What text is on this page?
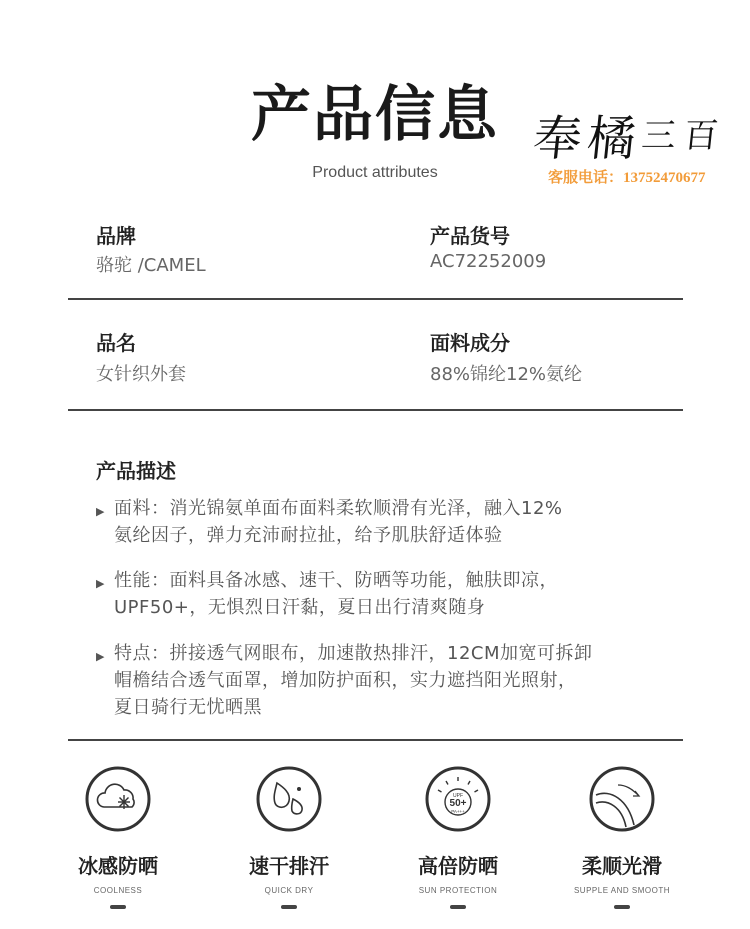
产品信息
Product attributes
奉橘三百
客服电话：13752470677
品牌
骆驼 /CAMEL
产品货号
AC72252009
品名
女针织外套
面料成分
88%锦纶12%氨纶
产品描述
▶ 面料：消光锦氨单面布面料柔软顺滑有光泽，融入12%
氨纶因子，弹力充沛耐拉扯，给予肌肤舒适体验
▶ 性能：面料具备冰感、速干、防晒等功能，触肤即凉，
UPF50+，无惧烈日汗黏，夏日出行清爽随身
▶ 特点：拼接透气网眼布，加速散热排汗，12CM加宽可拆卸
帽檐结合透气面罩，增加防护面积，实力遮挡阳光照射，
夏日骑行无忧晒黑
冰感防晒
COOLNESS
速干排汗
QUICK DRY
UPF
50+
PA+++
高倍防晒
SUN PROTECTION
柔顺光滑
SUPPLE AND SMOOTH
